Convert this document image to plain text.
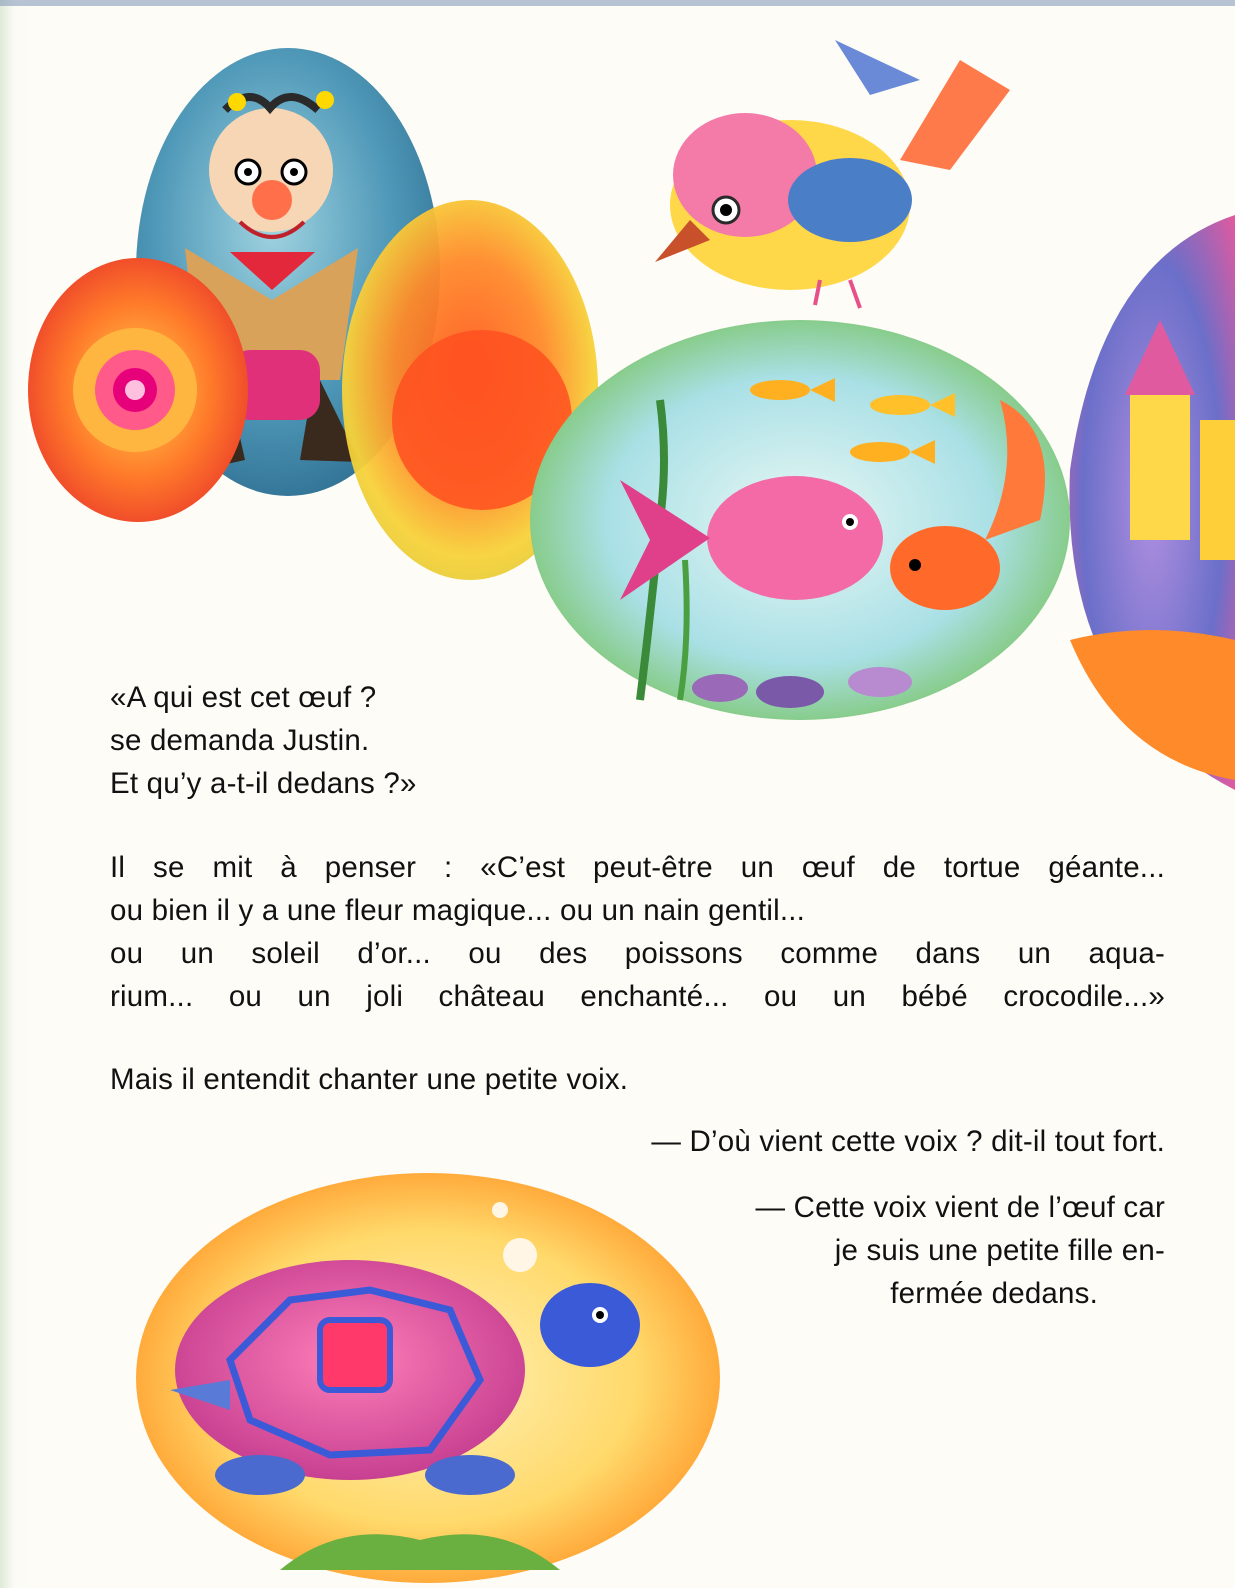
«A qui est cet œuf ?

se demanda Justin.

Et qu’y a-t-il dedans ?»

Il se mit à penser : «C’est peut-être un œuf de tortue géante...

ou bien il y a une fleur magique... ou un nain gentil...

ou un soleil d’or... ou des poissons comme dans un aqua-

rium... ou un joli château enchanté... ou un bébé crocodile...»

Mais il entendit chanter une petite voix.

— D’où vient cette voix ? dit-il tout fort.

— Cette voix vient de l’œuf car

je suis une petite fille en-

fermée dedans.
